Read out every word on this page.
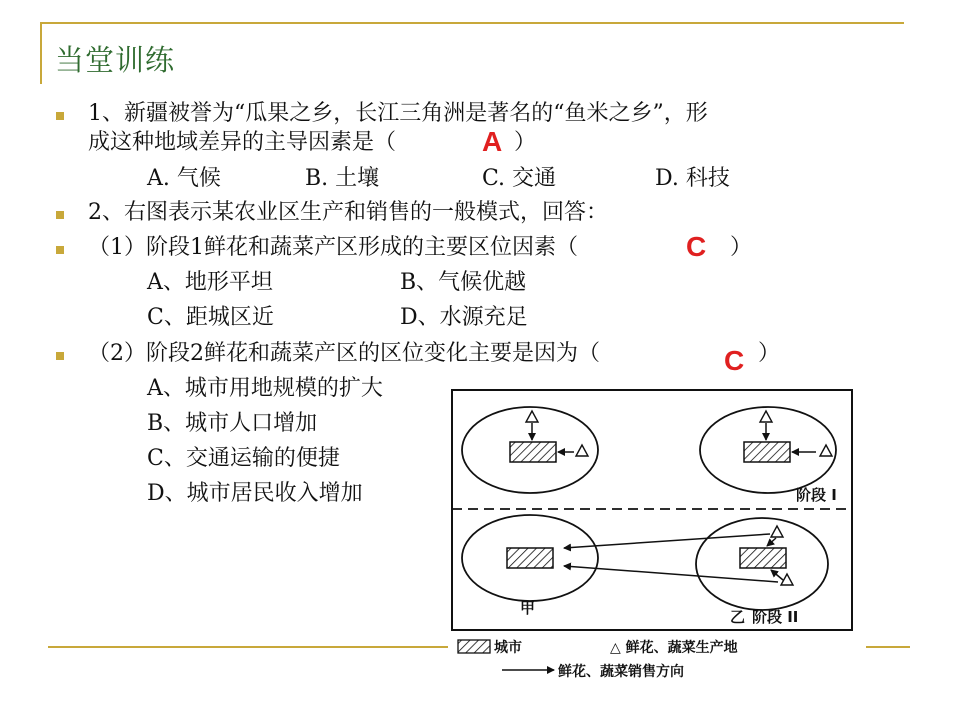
当堂训练
1、新疆被誉为“瓜果之乡，长江三角洲是著名的“鱼米之乡”，形
成这种地域差异的主导因素是（	A ）
A. 气候	B. 土壤	C. 交通	D. 科技
2、右图表示某农业区生产和销售的一般模式，回答：
（1）阶段1鲜花和蔬菜产区形成的主要区位因素（	C ）
A、地形平坦	B、气候优越
C、距城区近	D、水源充足
（2）阶段2鲜花和蔬菜产区的区位变化主要是因为（	C ）
A、城市用地规模的扩大
B、城市人口增加
C、交通运输的便捷
D、城市居民收入增加	阶段 I
甲	乙 阶段 II
城市	△ 鲜花、蔬菜生产地
鲜花、蔬菜销售方向
